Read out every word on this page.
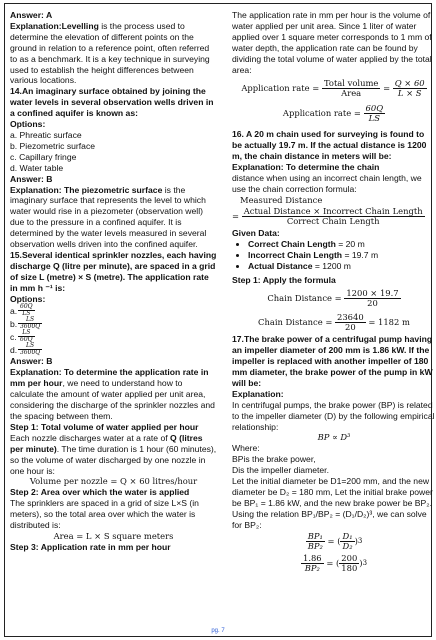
Answer: A

Explanation:Levelling is the process used to determine the elevation of different points on the ground in relation to a reference point, often referred to as a benchmark. It is a key technique in surveying used to establish the height differences between various locations.

14.An imaginary surface obtained by joining the water levels in several observation wells driven in a confined aquifer is known as:

Options:

a. Phreatic surface

b. Piezometric surface

c. Capillary fringe

d. Water table

Answer: B

Explanation: The piezometric surface is the imaginary surface that represents the level to which water would rise in a piezometer (observation well) due to the pressure in a confined aquifer. It is determined by the water levels measured in several observation wells driven into the confined aquifer.

15.Several identical sprinkler nozzles, each having discharge Q (litre per minute), are spaced in a grid of size L (metre) × S (metre). The application rate in mm h ⁻¹ is:

Options:

a. $\frac{60Q}{LS}$
b. $\frac{LS}{3600Q}$
c. $\frac{LS}{60Q}$
d. $\frac{LS}{3600Q}$

Answer: B

Explanation: To determine the application rate in mm per hour, we need to understand how to calculate the amount of water applied per unit area, considering the discharge of the sprinkler nozzles and the spacing between them.

Step 1: Total volume of water applied per hour

Each nozzle discharges water at a rate of Q (litres per minute). The time duration is 1 hour (60 minutes), so the volume of water discharged by one nozzle in one hour is:

Volume per nozzle = Q × 60 litres/hour

Step 2: Area over which the water is applied

The sprinklers are spaced in a grid of size L×S (in meters), so the total area over which the water is distributed is:

Area = L × S square meters

Step 3: Application rate in mm per hour

The application rate in mm per hour is the volume of water applied per unit area. Since 1 liter of water applied over 1 square meter corresponds to 1 mm of water depth, the application rate can be found by dividing the total volume of water applied by the total area:

Application rate =
$\frac{\text{Total volume}}{\text{Area}}$
=
$\frac{Q \times 60}{L \times S}$
Application rate =
$\frac{60Q}{LS}$

16. A 20 m chain used for surveying is found to be actually 19.7 m. If the actual distance is 1200 m, the chain distance in meters will be:

Explanation: To determine the chain

distance when using an incorrect chain length, we use the chain correction formula:

Measured Distance

=
$\frac{\text{Actual Distance × Incorrect Chain Length}}{\text{Correct Chain Length}}$

Given Data:

• Correct Chain Length = 20 m
• Incorrect Chain Length = 19.7 m
• Actual Distance = 1200 m

Step 1: Apply the formula

Chain Distance =
$\frac{1200 \times 19.7}{20}$
Chain Distance =
$\frac{23640}{20}$
= 1182 m

17.The brake power of a centrifugal pump having an impeller diameter of 200 mm is 1.86 kW. If the impeller is replaced with another impeller of 180 mm diameter, the brake power of the pump in kW will be:

Explanation:

In centrifugal pumps, the brake power (BP) is related to the impeller diameter (D) by the following empirical relationship:

BP ∝ D³

Where:

BPis the brake power,

Dis the impeller diameter.

Let the initial diameter be D1=200 mm, and the new diameter be D₂ = 180 mm, Let the initial brake power be BP₁ = 1.86 kW, and the new brake power be BP₂.

Using the relation BP₁/BP₂ = (D₁/D₂)³, we can solve for BP₂:

$\frac{\text{BP₁}}{\text{BP₂}}$
= ( $\frac{\text{D₁}}{\text{D₂}}$ ) 3
$\frac{1.86}{\text{BP₂}}$
= ( $\frac{200}{180}$ ) 3
pg. 7
